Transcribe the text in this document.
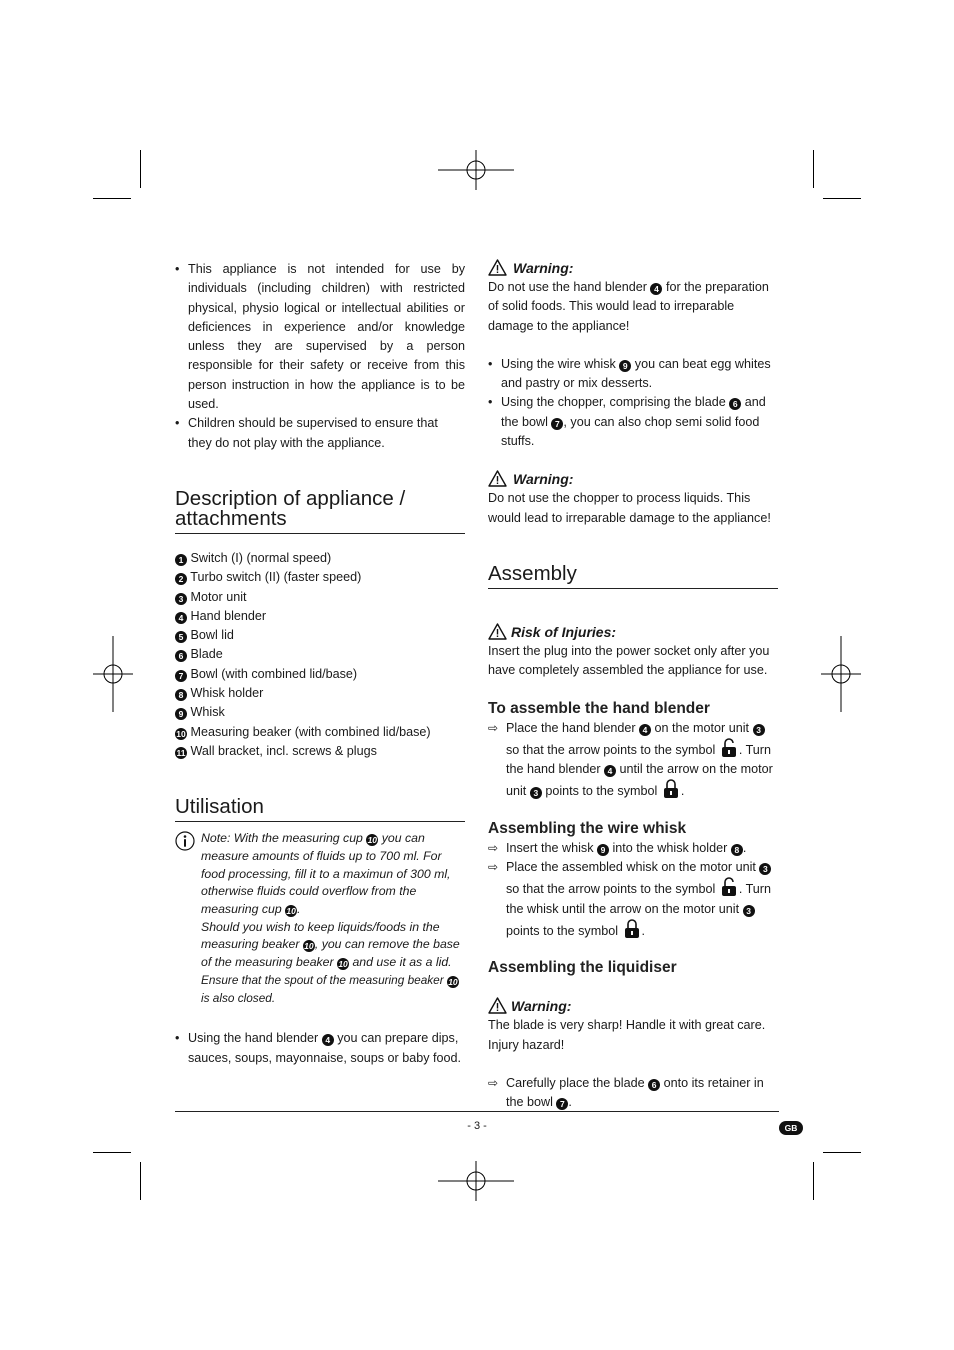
• This appliance is not intended for use by individuals (including children) with restricted physical, physio logical or intellectual abilities or deficiences in experience and/or knowledge unless they are supervised by a person responsible for their safety or receive from this person instruction in how the appliance is to be used.

• Children should be supervised to ensure that they do not play with the appliance.

Description of appliance / attachments

1 Switch (I) (normal speed)

2 Turbo switch (II) (faster speed)

3 Motor unit

4 Hand blender

5 Bowl lid

6 Blade

7 Bowl (with combined lid/base)

8 Whisk holder

9 Whisk

10 Measuring beaker (with combined lid/base)

11 Wall bracket, incl. screws & plugs

Utilisation

Note: With the measuring cup 10 you can measure amounts of fluids up to 700 ml. For food processing, fill it to a maximun of 300 ml, otherwise fluids could overflow from the measuring cup 10.

Should you wish to keep liquids/foods in the measuring beaker 10, you can remove the base of the measuring beaker 10 and use it as a lid.

Ensure that the spout of the measuring beaker 10 is also closed.

• Using the hand blender 4 you can prepare dips, sauces, soups, mayonnaise, soups or baby food.

Warning:

Do not use the hand blender 4 for the preparation of solid foods. This would lead to irreparable damage to the appliance!

• Using the wire whisk 9 you can beat egg whites and pastry or mix desserts.

• Using the chopper, comprising the blade 6 and the bowl 7 , you can also chop semi solid food stuffs.

Warning:

Do not use the chopper to process liquids. This would lead to irreparable damage to the appliance!

Assembly
Risk of Injuries:

Insert the plug into the power socket only after you have completely assembled the appliance for use.

To assemble the hand blender

⇨ Place the hand blender 4 on the motor unit 3 so that the arrow points to the symbol . Turn the hand blender 4 until the arrow on the motor unit 3 points to the symbol .

Assembling the wire whisk

⇨ Insert the whisk 9 into the whisk holder 8 .

⇨ Place the assembled whisk on the motor unit 3 so that the arrow points to the symbol . Turn the whisk until the arrow on the motor unit 3 points to the symbol .

Assembling the liquidiser
Warning:

The blade is very sharp! Handle it with great care. Injury hazard!

⇨ Carefully place the blade 6 onto its retainer in the bowl 7 .

- 3 -	GB
